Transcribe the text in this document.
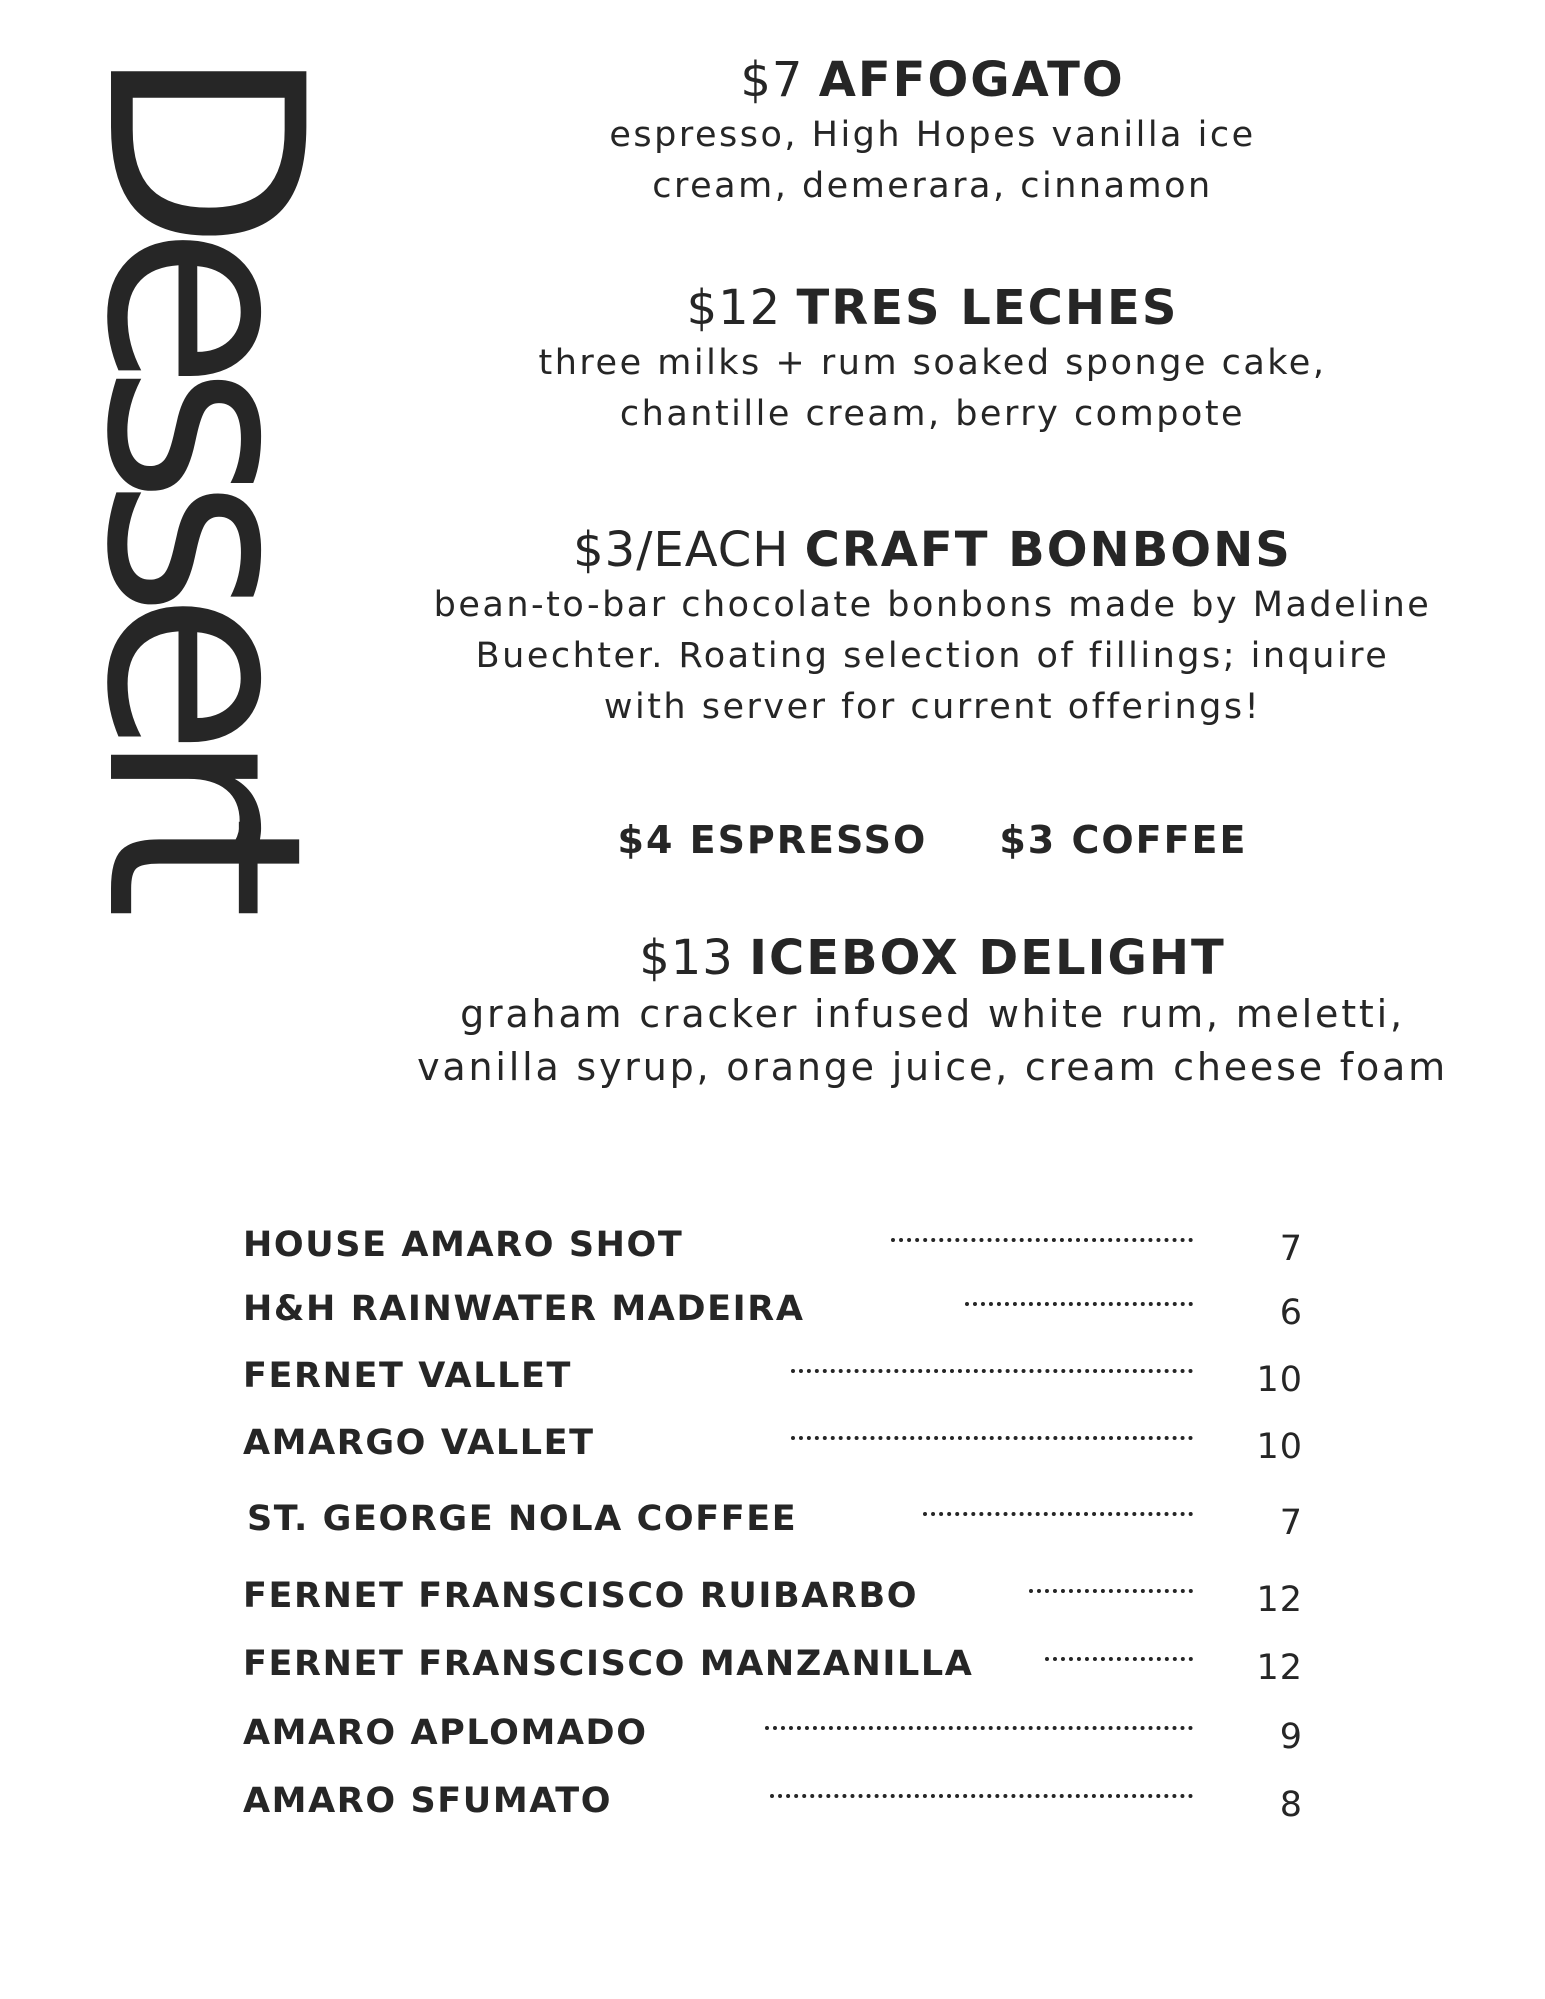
Dessert	$7 AFFOGATO
espresso, High Hopes vanilla ice
cream, demerara, cinnamon
$12 TRES LECHES
three milks + rum soaked sponge cake,
chantille cream, berry compote
$3/EACH CRAFT BONBONS
bean-to-bar chocolate bonbons made by Madeline
Buechter. Roating selection of fillings; inquire
with server for current offerings!
$4 ESPRESSO $3 COFFEE
$13 ICEBOX DELIGHT
graham cracker infused white rum, meletti,
vanilla syrup, orange juice, cream cheese foam
HOUSE AMARO SHOT	7
H&H RAINWATER MADEIRA	6
FERNET VALLET	10
AMARGO VALLET	10
ST. GEORGE NOLA COFFEE	7
FERNET FRANSCISCO RUIBARBO	12
FERNET FRANSCISCO MANZANILLA	12
AMARO APLOMADO	9
AMARO SFUMATO	8
